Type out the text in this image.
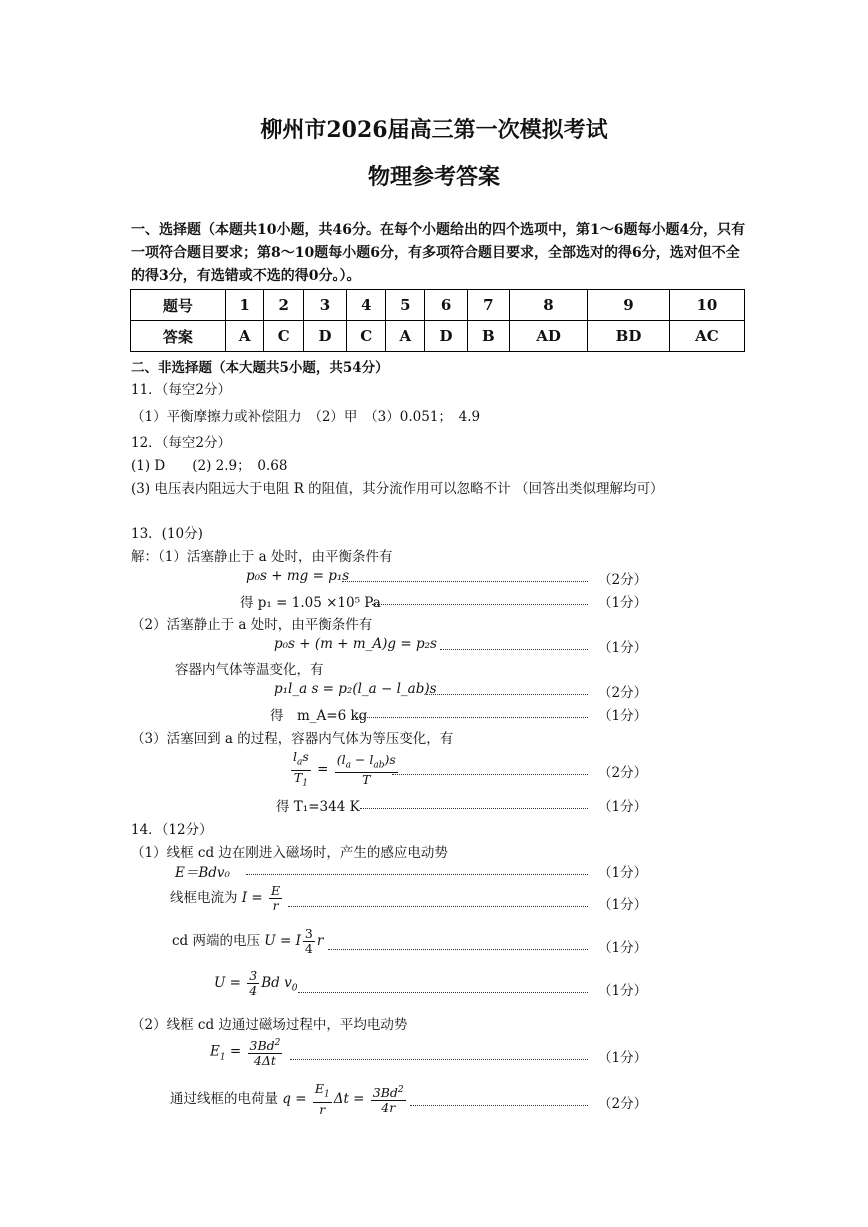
柳州市2026届高三第一次模拟考试
物理参考答案
一、选择题（本题共10小题，共46分。在每个小题给出的四个选项中，第1～6题每小题4分，只有一项符合题目要求；第8～10题每小题6分，有多项符合题目要求，全部选对的得6分，选对但不全的得3分，有选错或不选的得0分。）。
题号	1	2	3	4	5	6	7	8	9	10
答案	A	C	D	C	A	D	B	AD	BD	AC
二、非选择题（本大题共5小题，共54分）
11．（每空2分）
（1）平衡摩擦力或补偿阻力　（2）甲　（3）0.051；　4.9
12．（每空2分）
(1) D　　(2) 2.9；　0.68
(3) 电压表内阻远大于电阻 R 的阻值，其分流作用可以忽略不计 （回答出类似理解均可）
13．(10分)
解：（1）活塞静止于 a 处时，由平衡条件有
p₀s + mg = p₁s	（2分）
得 p₁ = 1.05 ×10⁵ Pa	（1分）
（2）活塞静止于 a 处时，由平衡条件有
p₀s + (m + m_A)g = p₂s	（1分）
容器内气体等温变化，有
p₁l_a s = p₂(l_a − l_ab)s	（2分）
得　m_A=6 kg	（1分）
（3）活塞回到 a 的过程，容器内气体为等压变化，有
$\frac{l_as}{T_1} = \frac{(l_a - l_{ab})s}{T}$	（2分）
得 T₁=344 K	（1分）
14．（12分）
（1）线框 cd 边在刚进入磁场时，产生的感应电动势
E＝Bdv₀	（1分）
线框电流为 $I = \frac{E}{r}$	（1分）
cd 两端的电压 U = I $\frac{3}{4}$ r	（1分）
$U = \frac{3}{4}$ Bd $v_0$	（1分）
（2）线框 cd 边通过磁场过程中，平均电动势
$E_1 = \frac{3Bd^2}{4\Delta t}$	（1分）
通过线框的电荷量 $q = \frac{E_1}{r}$ $\Delta t = \frac{3Bd^2}{4r}$	（2分）
